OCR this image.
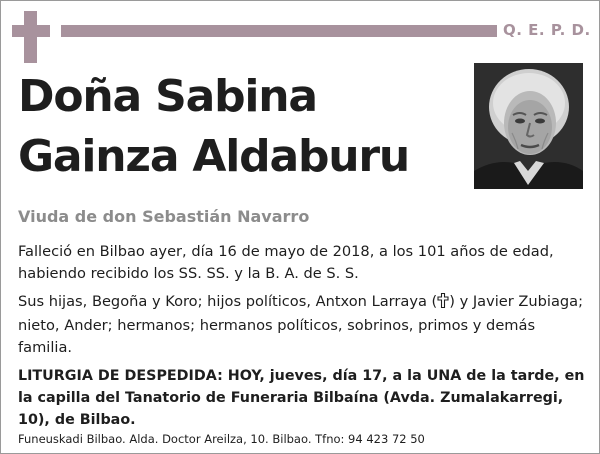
Q. E. P. D.
Doña Sabina
Gainza Aldaburu
Viuda de don Sebastián Navarro

Falleció en Bilbao ayer, día 16 de mayo de 2018, a los 101 años de edad, habiendo recibido los SS. SS. y la B. A. de S. S.

Sus hijas, Begoña y Koro; hijos políticos, Antxon Larraya ( ) y Javier Zubiaga; nieto, Ander; hermanos; hermanos políticos, sobrinos, primos y demás familia.

LITURGIA DE DESPEDIDA: HOY, jueves, día 17, a la UNA de la tarde, en la capilla del Tanatorio de Funeraria Bilbaína (Avda. Zumalakarregi, 10), de Bilbao.

Funeuskadi Bilbao. Alda. Doctor Areilza, 10. Bilbao. Tfno: 94 423 72 50
